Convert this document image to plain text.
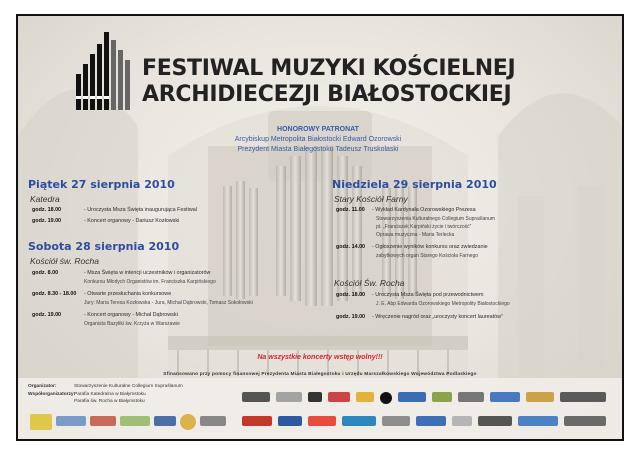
FESTIWAL MUZYKI KOŚCIELNEJ
ARCHIDIECEZJI BIAŁOSTOCKIEJ
HONOROWY PATRONAT
Arcybiskup Metropolita Białostocki Edward Ozorowski
Prezydent Miasta Białegostoku Tadeusz Truskolaski
Piątek 27 sierpnia 2010
Katedra
godz. 18.00	- Uroczysta Msza Święta inaugurująca Festiwal
godz. 19.00	- Koncert organowy - Dariusz Kozłowski
Sobota 28 sierpnia 2010
Kościół św. Rocha
godz. 8.00	- Msza Święta w intencji uczestników i organizatorów
Konkursu Młodych Organistów im. Franciszka Karpińskiego
godz. 8.30 - 18.00 - Otwarte przesłuchania konkursowe
Jury: Maria Teresa Kozłowska - Jura, Michał Dąbrowski, Tomasz Sokołowski
godz. 19.00	- Koncert organowy - Michał Dąbrowski
Organista Bazyliki św. Krzyża w Warszawie
Niedziela 29 sierpnia 2010
Stary Kościół Farny
godz. 11.00 - Wykład Kardynała Ozorowskiego Prezesa
Stowarzyszenia Kulturalnego Collegium Supraślanum
pt. „Franciszek Karpiński życie i twórczość”
Oprawa muzyczna - Maria Terlecka
godz. 14.00 - Ogłoszenie wyników konkursu oraz zwiedzanie
zabytkowych organ Starego Kościoła Farnego
Kościół Św. Rocha
godz. 18.00 - Uroczysta Msza Święta pod przewodnictwem
J. E. Abp Edwarda Ozorowskiego Metropolity Białostockiego
godz. 19.00 - Wręczenie nagród oraz „uroczysty koncert laureatów”
Na wszystkie koncerty wstęp wolny!!!
Sfinansowano przy pomocy finansowej Prezydenta Miasta Białegostoku i Urzędu Marszałkowskiego Województwa Podlaskiego
Organizator:	Stowarzyszenie Kulturalne Collegium Supraślanum
Współorganizatorzy:
Parafia Katedralna w Białymstoku
Parafia św. Rocha w Białymstoku
